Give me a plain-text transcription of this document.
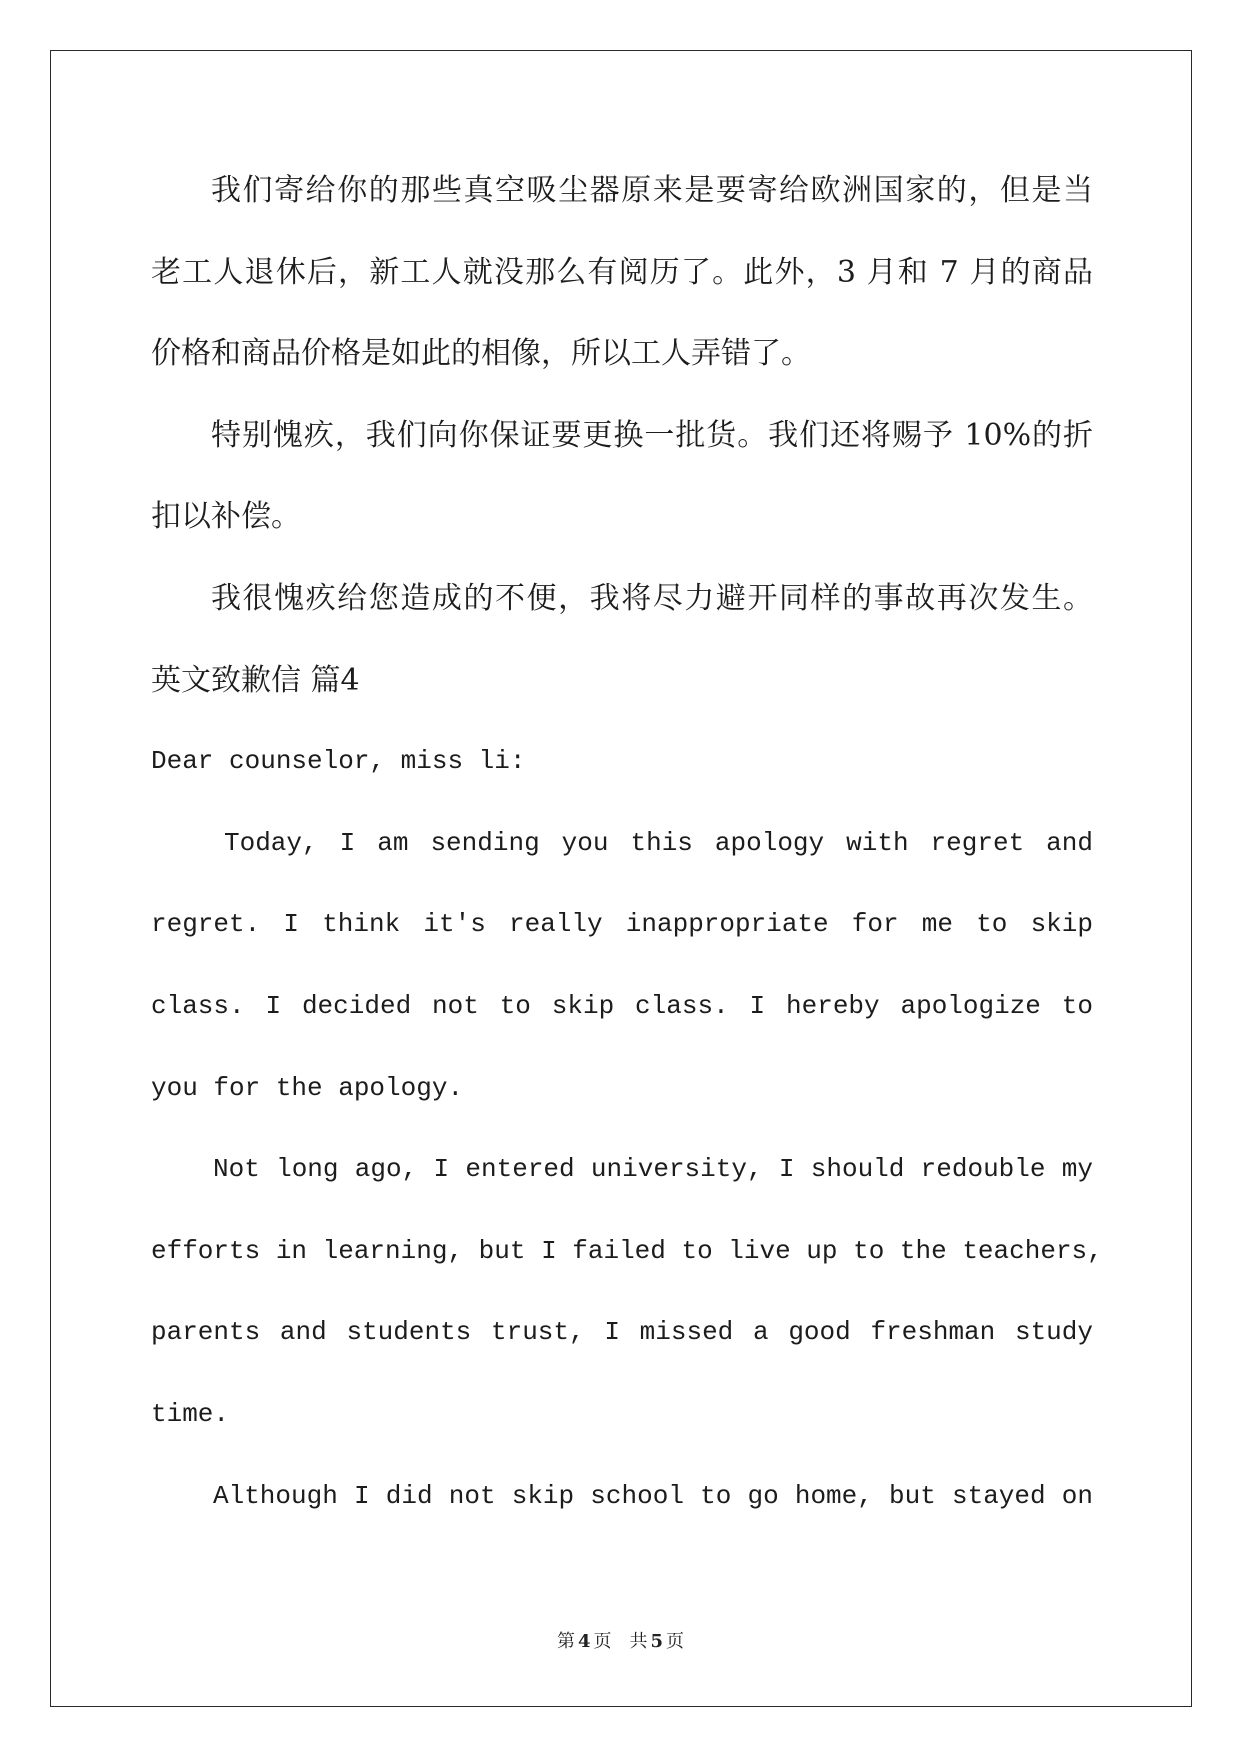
我们寄给你的那些真空吸尘器原来是要寄给欧洲国家的，但是当
老工人退休后，新工人就没那么有阅历了。此外，3 月和 7 月的商品
价格和商品价格是如此的相像，所以工人弄错了。
特别愧疚，我们向你保证要更换一批货。我们还将赐予 10%的折
扣以补偿。
我很愧疚给您造成的不便，我将尽力避开同样的事故再次发生。
英文致歉信 篇4
Dear counselor, miss li:
Today, I am sending you this apology with regret and
regret. I think it's really inappropriate for me to skip
class. I decided not to skip class. I hereby apologize to
you for the apology.
Not long ago, I entered university, I should redouble my
efforts in learning, but I failed to live up to the teachers,
parents and students trust, I missed a good freshman study
time.
Although I did not skip school to go home, but stayed on
第 4 页 共 5 页
